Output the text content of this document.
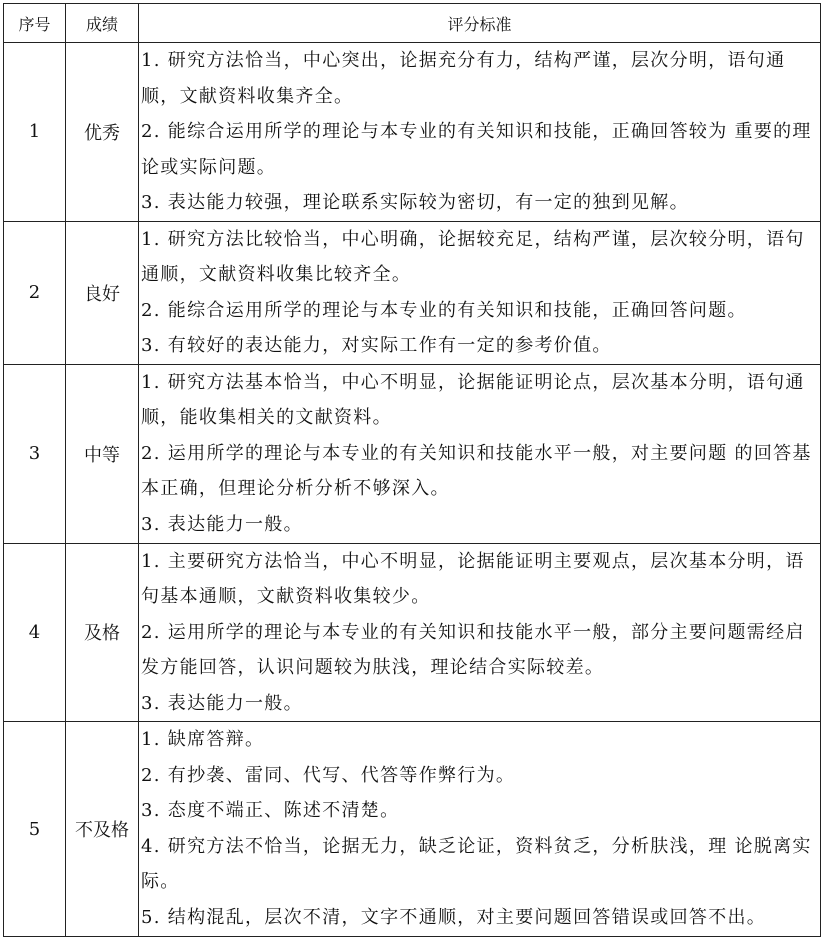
序号	成绩	评分标准
1	优秀	1. 研究方法恰当，中心突出，论据充分有力，结构严谨，层次分明，语句通顺，文献资料收集齐全。
2. 能综合运用所学的理论与本专业的有关知识和技能，正确回答较为 重要的理论或实际问题。
3. 表达能力较强，理论联系实际较为密切，有一定的独到见解。

2	良好	1. 研究方法比较恰当，中心明确，论据较充足，结构严谨，层次较分明，语句通顺，文献资料收集比较齐全。
2. 能综合运用所学的理论与本专业的有关知识和技能，正确回答问题。
3. 有较好的表达能力，对实际工作有一定的参考价值。

3	中等	1. 研究方法基本恰当，中心不明显，论据能证明论点，层次基本分明，语句通顺，能收集相关的文献资料。
2. 运用所学的理论与本专业的有关知识和技能水平一般，对主要问题 的回答基本正确，但理论分析分析不够深入。
3. 表达能力一般。

4	及格	1. 主要研究方法恰当，中心不明显，论据能证明主要观点，层次基本分明，语句基本通顺，文献资料收集较少。
2. 运用所学的理论与本专业的有关知识和技能水平一般，部分主要问题需经启发方能回答，认识问题较为肤浅，理论结合实际较差。
3. 表达能力一般。

5	不及格	1. 缺席答辩。
2. 有抄袭、雷同、代写、代答等作弊行为。
3. 态度不端正、陈述不清楚。
4. 研究方法不恰当，论据无力，缺乏论证，资料贫乏，分析肤浅，理 论脱离实际。
5. 结构混乱，层次不清，文字不通顺，对主要问题回答错误或回答不出。
